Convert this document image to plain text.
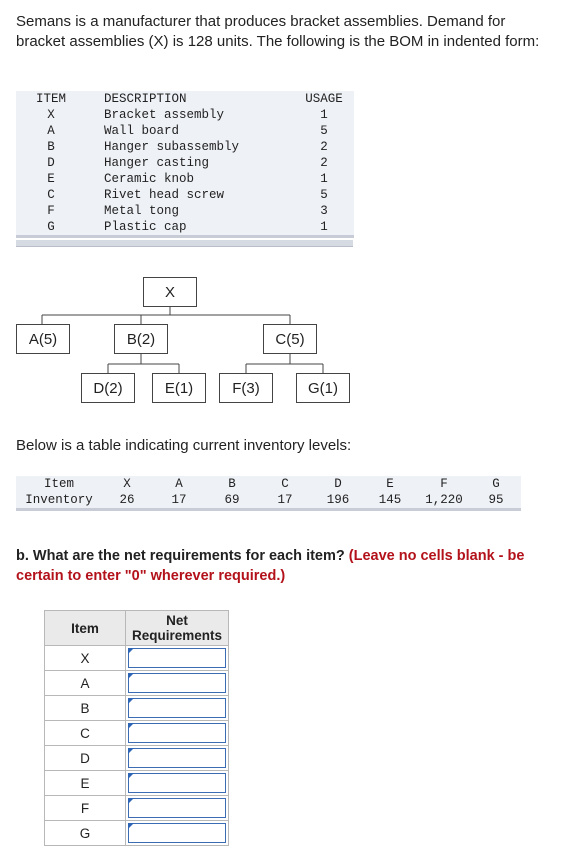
Semans is a manufacturer that produces bracket assemblies. Demand for bracket assemblies (X) is 128 units. The following is the BOM in indented form:
ITEM	DESCRIPTION	USAGE
X	Bracket assembly	1
A	Wall board	5
B	Hanger subassembly	2
D	Hanger casting	2
E	Ceramic knob	1
C	Rivet head screw	5
F	Metal tong	3
G	Plastic cap	1
X
A(5)	B(2)	C(5)
D(2)	E(1)	F(3)	G(1)
Below is a table indicating current inventory levels:
Item	X	A	B	C	D	E	F	G
Inventory	26	17	69	17	196	145	1,220	95
b. What are the net requirements for each item? (Leave no cells blank - be certain to enter "0" wherever required.)
Item	Net Requirements
X	

A	

B	

C	

D	

E	

F	

G	
